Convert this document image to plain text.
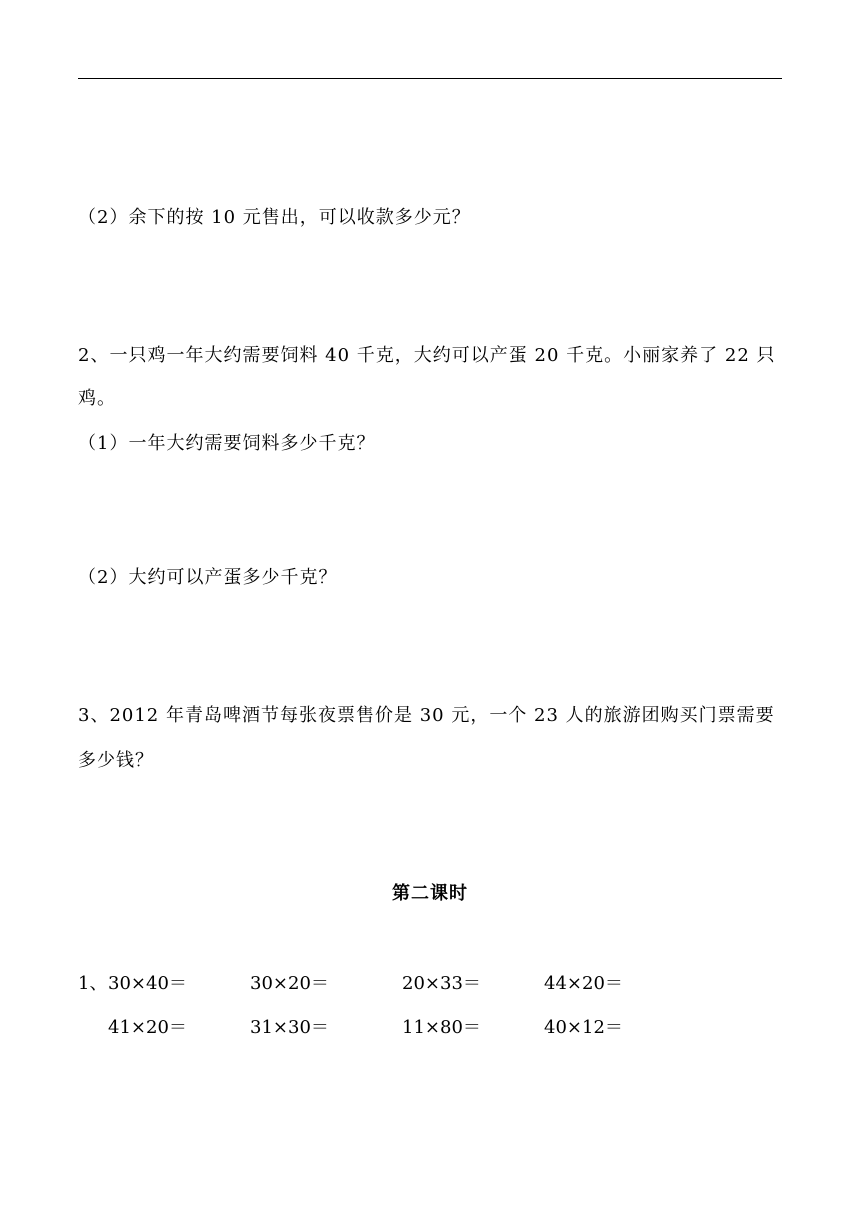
（2）余下的按 10 元售出，可以收款多少元？
2、一只鸡一年大约需要饲料 40 千克，大约可以产蛋 20 千克。小丽家养了 22 只
鸡。
（1）一年大约需要饲料多少千克？
（2）大约可以产蛋多少千克？
3、2012 年青岛啤酒节每张夜票售价是 30 元，一个 23 人的旅游团购买门票需要
多少钱？
第二课时
1、 30×40＝	30×20＝	20×33＝	44×20＝
41×20＝	31×30＝	11×80＝	40×12＝
